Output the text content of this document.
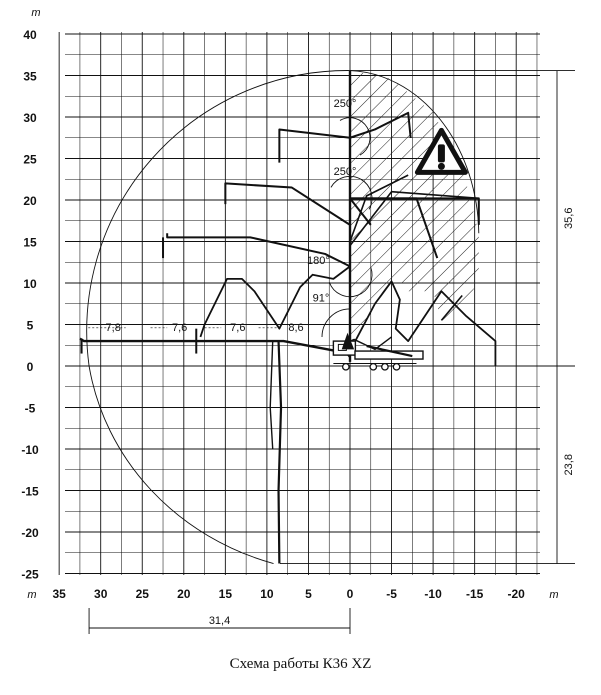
40
35
30
25
20
15
10
5
0
-5
-10
-15
-20
-25
35 30 25 20 15 10	5	0	-5 -10 -15 -20
m
m	m
35,6
23,8
31,4
250°
250°
180°
91°
7,8	7,6	7,6	8,6
Схема работы К36 XZ
